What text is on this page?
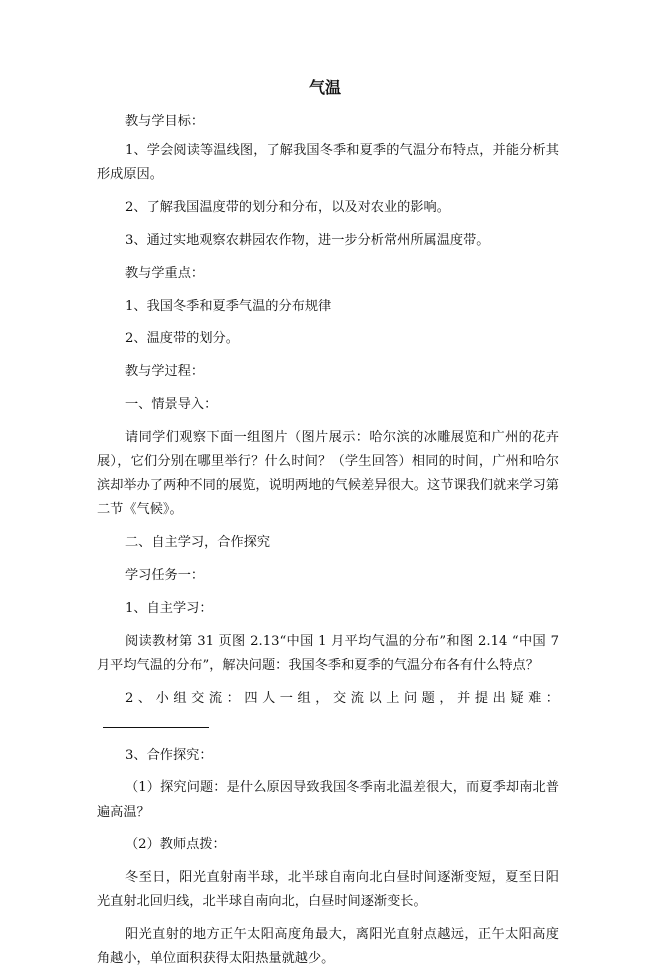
气温

教与学目标：

1、学会阅读等温线图，了解我国冬季和夏季的气温分布特点，并能分析其形成原因。

2、了解我国温度带的划分和分布，以及对农业的影响。

3、通过实地观察农耕园农作物，进一步分析常州所属温度带。

教与学重点：

1、我国冬季和夏季气温的分布规律

2、温度带的划分。

教与学过程：

一、情景导入：

请同学们观察下面一组图片（图片展示：哈尔滨的冰雕展览和广州的花卉展），它们分别在哪里举行？什么时间？（学生回答）相同的时间，广州和哈尔滨却举办了两种不同的展览，说明两地的气候差异很大。这节课我们就来学习第二节《气候》。

二、自主学习，合作探究

学习任务一：

1、自主学习：

阅读教材第 31 页图 2.13“中国 1 月平均气温的分布”和图 2.14 “中国 7 月平均气温的分布”，解决问题：我国冬季和夏季的气温分布各有什么特点？

2、小组交流：四人一组，交流以上问题，并提出疑难：

3、合作探究：

（1）探究问题：是什么原因导致我国冬季南北温差很大，而夏季却南北普遍高温？

（2）教师点拨：

冬至日，阳光直射南半球，北半球自南向北白昼时间逐渐变短，夏至日阳光直射北回归线，北半球自南向北，白昼时间逐渐变长。

阳光直射的地方正午太阳高度角最大，离阳光直射点越远，正午太阳高度角越小，单位面积获得太阳热量就越少。
